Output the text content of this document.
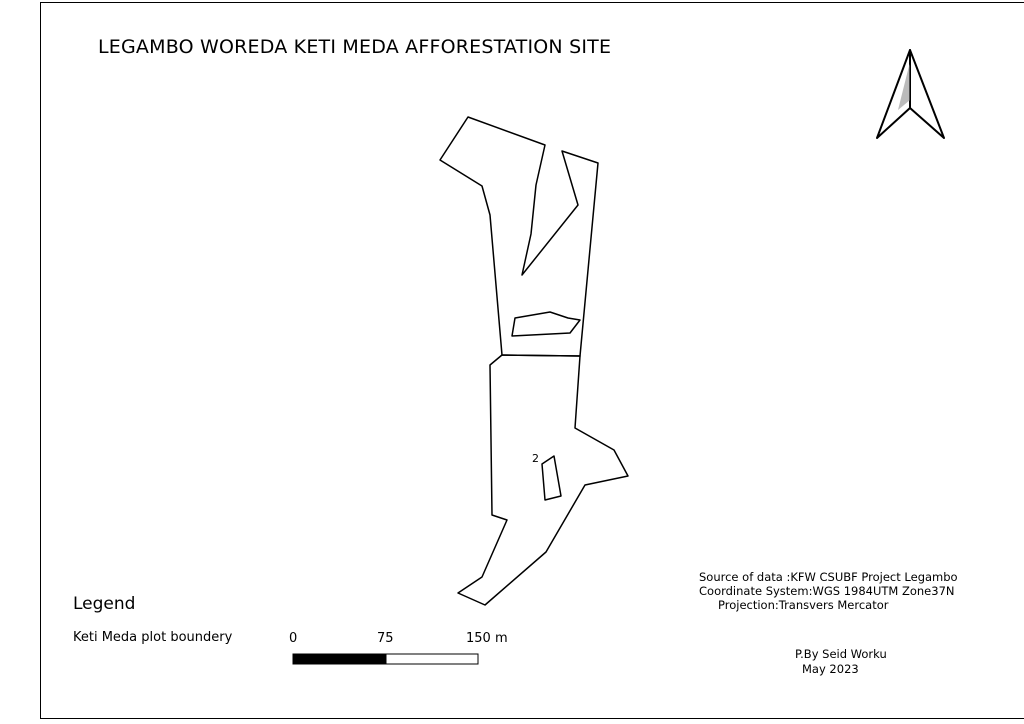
LEGAMBO WOREDA KETI MEDA AFFORESTATION SITE
2
Legend
Keti Meda plot boundery	0	75	150 m
Source of data :KFW CSUBF Project Legambo
Coordinate System:WGS 1984UTM Zone37N
Projection:Transvers Mercator
P.By Seid Worku
May 2023
